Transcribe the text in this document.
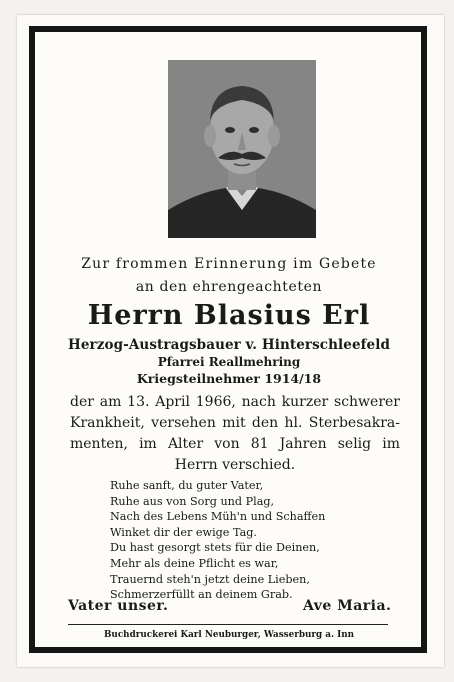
Zur frommen Erinnerung im Gebete
an den ehrengeachteten
Herrn Blasius Erl
Herzog-Austragsbauer v. Hinterschleefeld
Pfarrei Reallmehring
Kriegsteilnehmer 1914/18
der am 13. April 1966, nach kurzer schwerer
Krankheit, versehen mit den hl. Sterbesakra-
menten, im Alter von 81 Jahren selig im
Herrn verschied.
Ruhe sanft, du guter Vater,
Ruhe aus von Sorg und Plag,
Nach des Lebens Müh'n und Schaffen
Winket dir der ewige Tag.
Du hast gesorgt stets für die Deinen,
Mehr als deine Pflicht es war,
Trauernd steh'n jetzt deine Lieben,
Schmerzerfüllt an deinem Grab.
Vater unser.	Ave Maria.
Buchdruckerei Karl Neuburger, Wasserburg a. Inn
